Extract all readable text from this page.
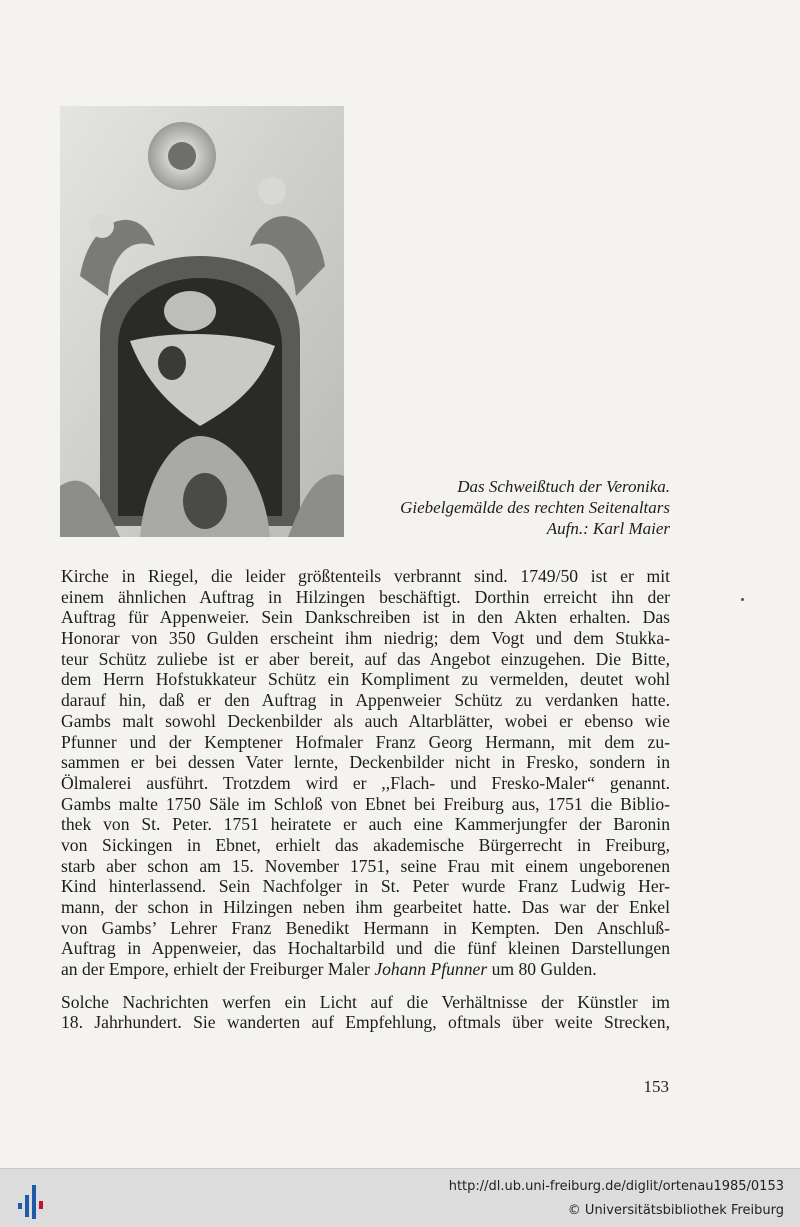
Das Schweißtuch der Veronika.
Giebelgemälde des rechten Seitenaltars
Aufn.: Karl Maier
Kirche in Riegel, die leider größtenteils verbrannt sind. 1749/50 ist er mit
einem ähnlichen Auftrag in Hilzingen beschäftigt. Dorthin erreicht ihn der
Auftrag für Appenweier. Sein Dankschreiben ist in den Akten erhalten. Das
Honorar von 350 Gulden erscheint ihm niedrig; dem Vogt und dem Stukka-
teur Schütz zuliebe ist er aber bereit, auf das Angebot einzugehen. Die Bitte,
dem Herrn Hofstukkateur Schütz ein Kompliment zu vermelden, deutet wohl
darauf hin, daß er den Auftrag in Appenweier Schütz zu verdanken hatte.
Gambs malt sowohl Deckenbilder als auch Altarblätter, wobei er ebenso wie
Pfunner und der Kemptener Hofmaler Franz Georg Hermann, mit dem zu-
sammen er bei dessen Vater lernte, Deckenbilder nicht in Fresko, sondern in
Ölmalerei ausführt. Trotzdem wird er ,,Flach- und Fresko-Maler“ genannt.
Gambs malte 1750 Säle im Schloß von Ebnet bei Freiburg aus, 1751 die Biblio-
thek von St. Peter. 1751 heiratete er auch eine Kammerjungfer der Baronin
von Sickingen in Ebnet, erhielt das akademische Bürgerrecht in Freiburg,
starb aber schon am 15. November 1751, seine Frau mit einem ungeborenen
Kind hinterlassend. Sein Nachfolger in St. Peter wurde Franz Ludwig Her-
mann, der schon in Hilzingen neben ihm gearbeitet hatte. Das war der Enkel
von Gambs’ Lehrer Franz Benedikt Hermann in Kempten. Den Anschluß-
Auftrag in Appenweier, das Hochaltarbild und die fünf kleinen Darstellungen
an der Empore, erhielt der Freiburger Maler Johann Pfunner um 80 Gulden.
Solche Nachrichten werfen ein Licht auf die Verhältnisse der Künstler im
18. Jahrhundert. Sie wanderten auf Empfehlung, oftmals über weite Strecken,
153
http://dl.ub.uni-freiburg.de/diglit/ortenau1985/0153
© Universitätsbibliothek Freiburg
